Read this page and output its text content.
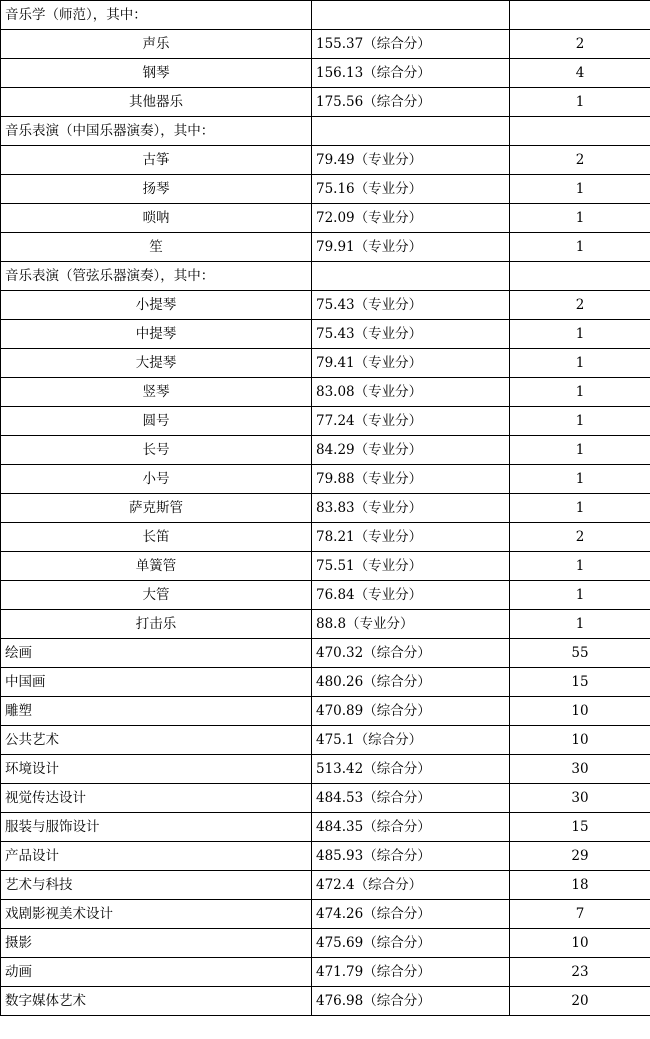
音乐学（师范），其中：		
声乐	155.37（综合分）	2
钢琴	156.13（综合分）	4
其他器乐	175.56（综合分）	1
音乐表演（中国乐器演奏），其中：		
古筝	79.49（专业分）	2
扬琴	75.16（专业分）	1
唢呐	72.09（专业分）	1
笙	79.91（专业分）	1
音乐表演（管弦乐器演奏），其中：		
小提琴	75.43（专业分）	2
中提琴	75.43（专业分）	1
大提琴	79.41（专业分）	1
竖琴	83.08（专业分）	1
圆号	77.24（专业分）	1
长号	84.29（专业分）	1
小号	79.88（专业分）	1
萨克斯管	83.83（专业分）	1
长笛	78.21（专业分）	2
单簧管	75.51（专业分）	1
大管	76.84（专业分）	1
打击乐	88.8（专业分）	1
绘画	470.32（综合分）	55
中国画	480.26（综合分）	15
雕塑	470.89（综合分）	10
公共艺术	475.1（综合分）	10
环境设计	513.42（综合分）	30
视觉传达设计	484.53（综合分）	30
服装与服饰设计	484.35（综合分）	15
产品设计	485.93（综合分）	29
艺术与科技	472.4（综合分）	18
戏剧影视美术设计	474.26（综合分）	7
摄影	475.69（综合分）	10
动画	471.79（综合分）	23
数字媒体艺术	476.98（综合分）	20
